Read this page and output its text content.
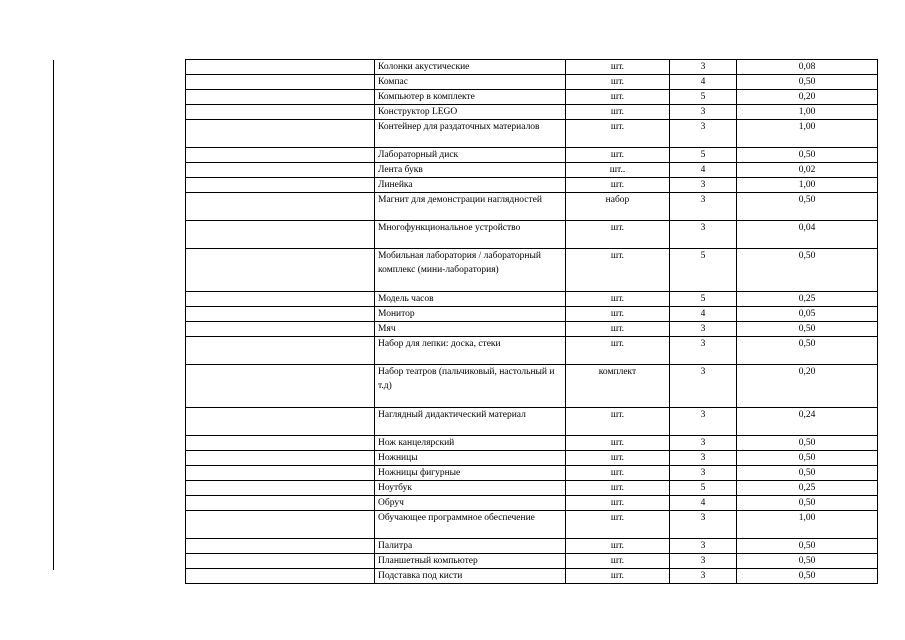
	Колонки акустические	шт.	3	0,08
	Компас	шт.	4	0,50
	Компьютер в комплекте	шт.	5	0,20
	Конструктор LEGO	шт.	3	1,00
	Контейнер для раздаточных материалов	шт.	3	1,00
	Лабораторный диск	шт.	5	0,50
	Лента букв	шт..	4	0,02
	Линейка	шт.	3	1,00
	Магнит для демонстрации наглядностей	набор	3	0,50
	Многофункциональное устройство	шт.	3	0,04
	Мобильная лаборатория / лабораторный комплекс (мини-лаборатория)	шт.	5	0,50
	Модель часов	шт.	5	0,25
	Монитор	шт.	4	0,05
	Мяч	шт.	3	0,50
	Набор для лепки: доска, стеки	шт.	3	0,50
	Набор театров (пальчиковый, настольный и т.д)	комплект	3	0,20
	Наглядный дидактический материал	шт.	3	0,24
	Нож канцелярский	шт.	3	0,50
	Ножницы	шт.	3	0,50
	Ножницы фигурные	шт.	3	0,50
	Ноутбук	шт.	5	0,25
	Обруч	шт.	4	0,50
	Обучающее программное обеспечение	шт.	3	1,00
	Палитра	шт.	3	0,50
	Планшетный компьютер	шт.	3	0,50
	Подставка под кисти	шт.	3	0,50
